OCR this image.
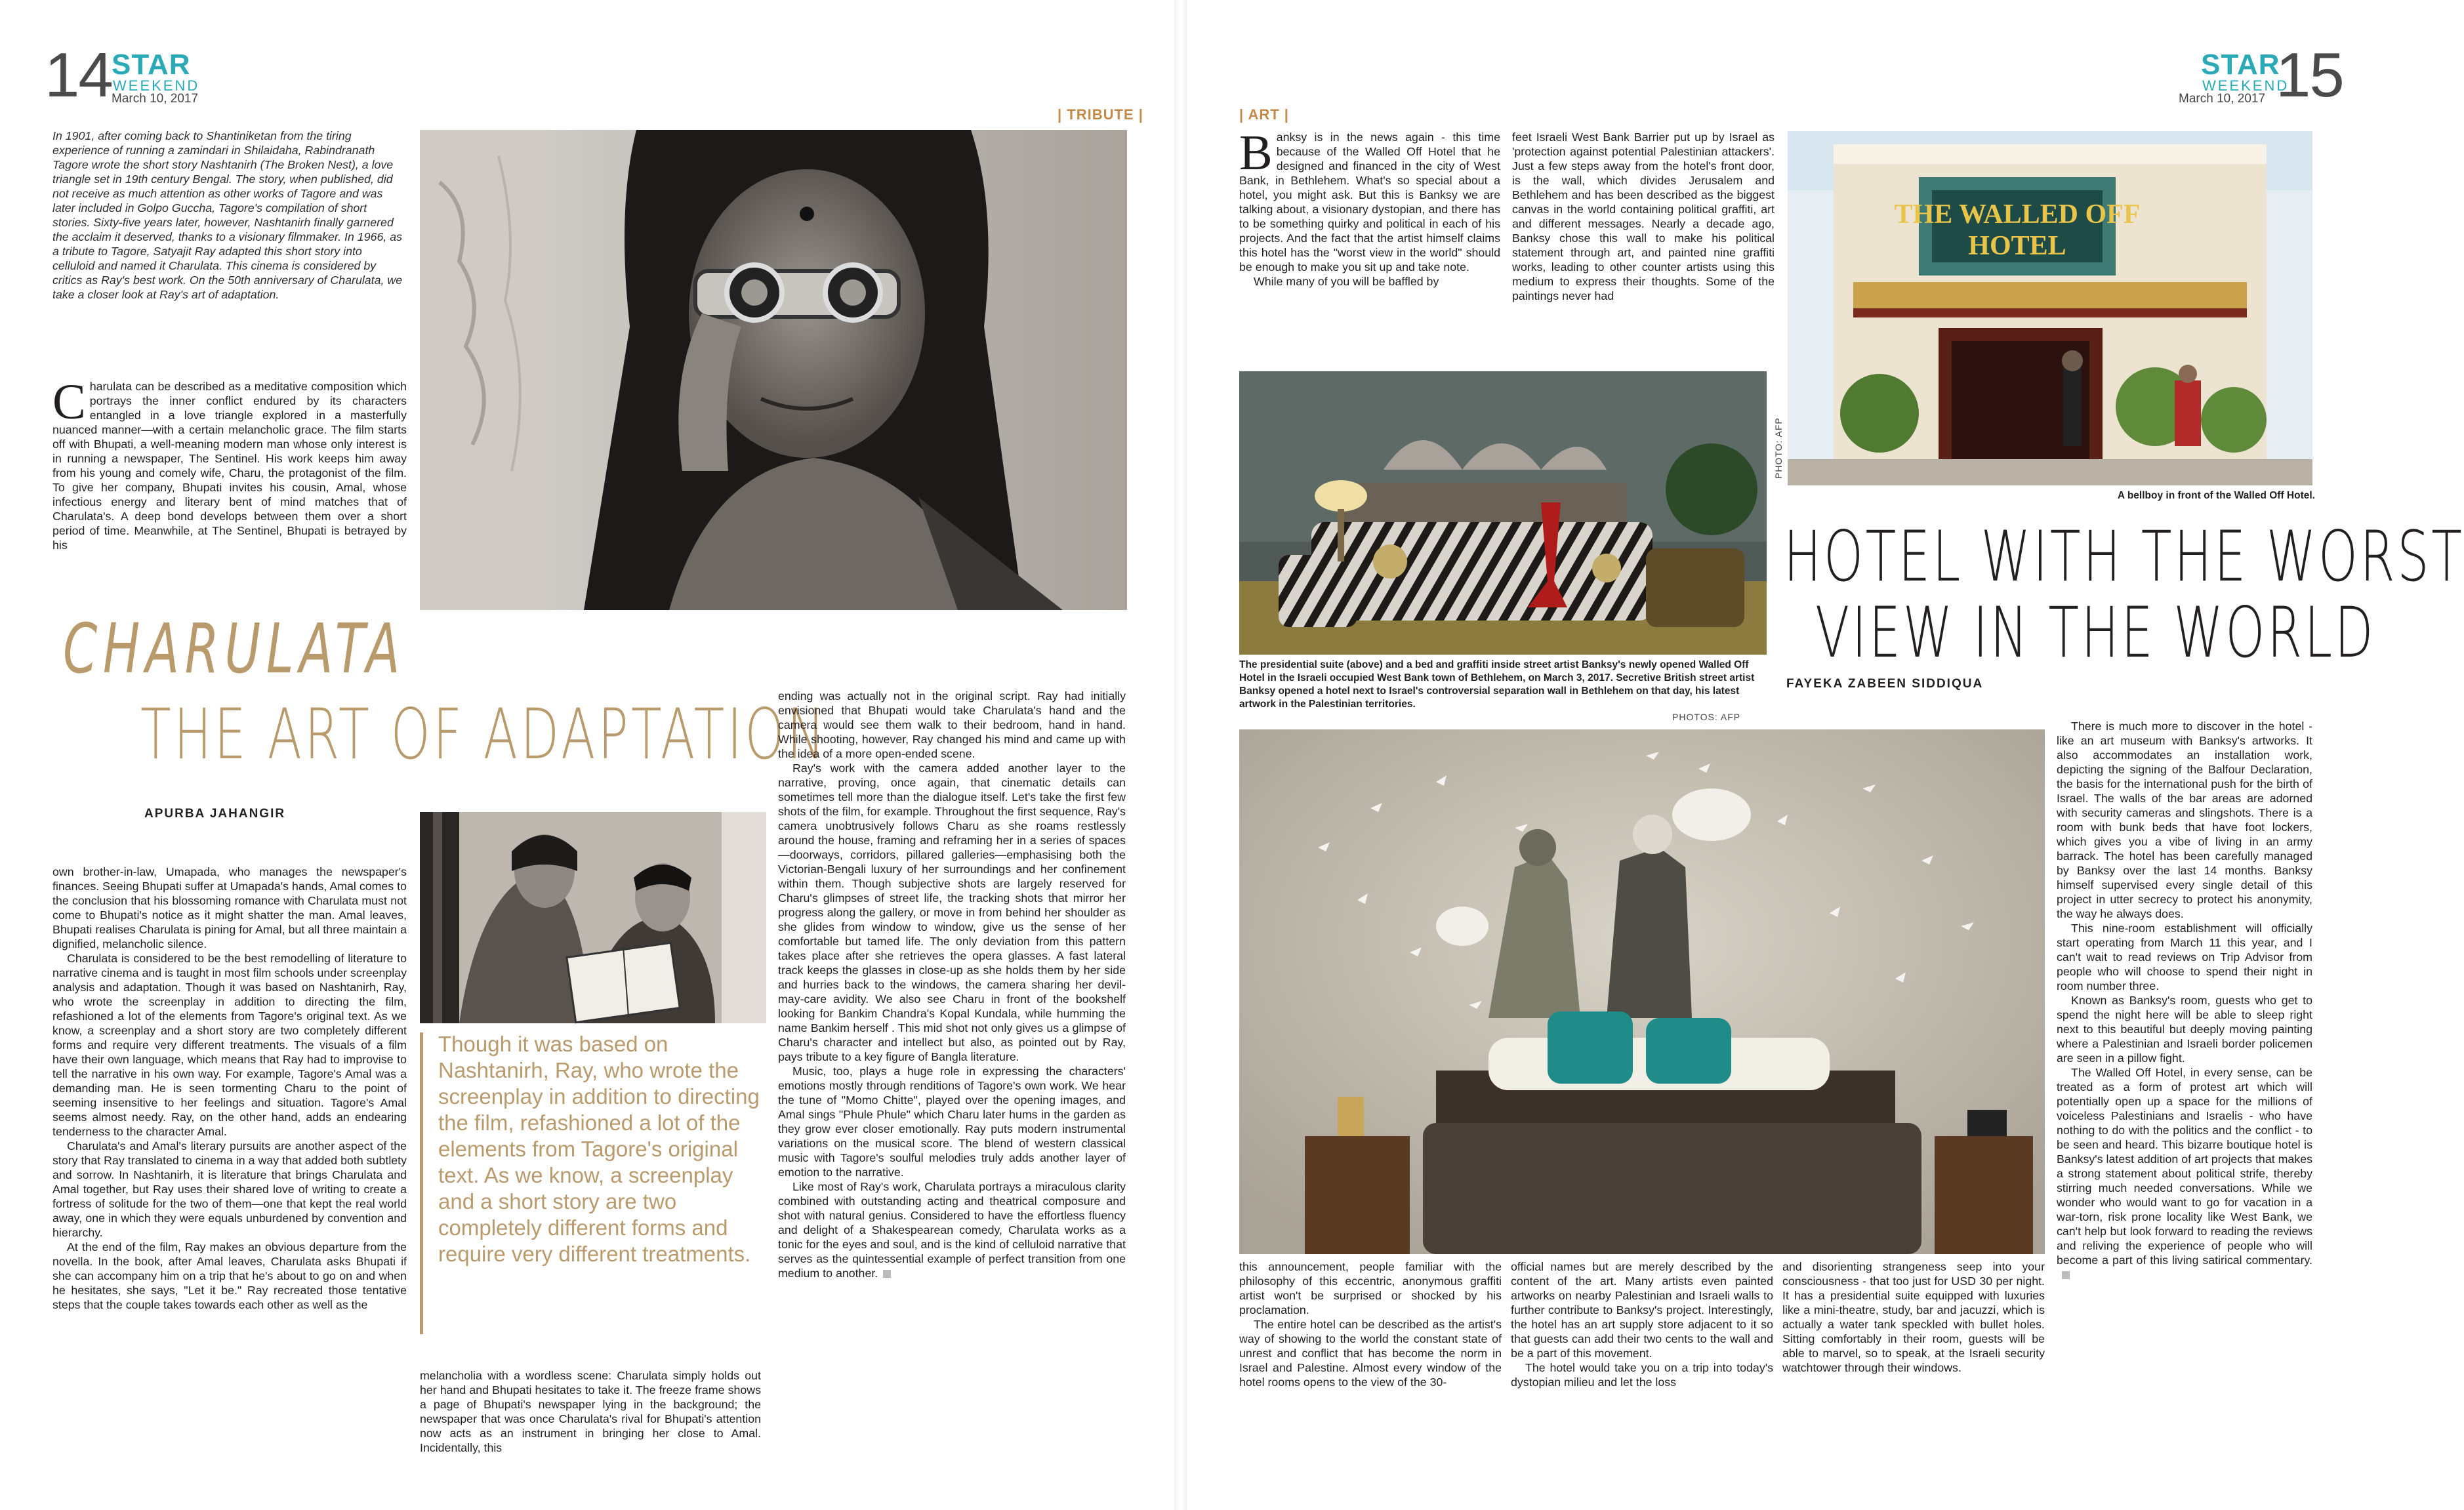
14 STAR
WEEKEND
March 10, 2017
| TRIBUTE |
In 1901, after coming back to Shantiniketan from the tiring experience of running a zamindari in Shilaidaha, Rabindranath Tagore wrote the short story Nashtanirh (The Broken Nest), a love triangle set in 19th century Bengal. The story, when published, did not receive as much attention as other works of Tagore and was later included in Golpo Guccha, Tagore's compilation of short stories. Sixty-five years later, however, Nashtanirh finally garnered the acclaim it deserved, thanks to a visionary filmmaker. In 1966, as a tribute to Tagore, Satyajit Ray adapted this short story into celluloid and named it Charulata. This cinema is considered by critics as Ray's best work. On the 50th anniversary of Charulata, we take a closer look at Ray's art of adaptation.

Charulata can be described as a meditative composition which portrays the inner conflict endured by its characters entangled in a love triangle explored in a masterfully nuanced manner—with a certain melancholic grace. The film starts off with Bhupati, a well-meaning modern man whose only interest is in running a newspaper, The Sentinel. His work keeps him away from his young and comely wife, Charu, the protagonist of the film. To give her company, Bhupati invites his cousin, Amal, whose infectious energy and literary bent of mind matches that of Charulata's. A deep bond develops between them over a short period of time. Meanwhile, at The Sentinel, Bhupati is betrayed by his

CHARULATA
THE ART OF ADAPTATION
APURBA JAHANGIR

own brother-in-law, Umapada, who manages the newspaper's finances. Seeing Bhupati suffer at Umapada's hands, Amal comes to the conclusion that his blossoming romance with Charulata must not come to Bhupati's notice as it might shatter the man. Amal leaves, Bhupati realises Charulata is pining for Amal, but all three maintain a dignified, melancholic silence.

Charulata is considered to be the best remodelling of literature to narrative cinema and is taught in most film schools under screenplay analysis and adaptation. Though it was based on Nashtanirh, Ray, who wrote the screenplay in addition to directing the film, refashioned a lot of the elements from Tagore's original text. As we know, a screenplay and a short story are two completely different forms and require very different treatments. The visuals of a film have their own language, which means that Ray had to improvise to tell the narrative in his own way. For example, Tagore's Amal was a demanding man. He is seen tormenting Charu to the point of seeming insensitive to her feelings and situation. Tagore's Amal seems almost needy. Ray, on the other hand, adds an endearing tenderness to the character Amal.

Charulata's and Amal's literary pursuits are another aspect of the story that Ray translated to cinema in a way that added both subtlety and sorrow. In Nashtanirh, it is literature that brings Charulata and Amal together, but Ray uses their shared love of writing to create a fortress of solitude for the two of them—one that kept the real world away, one in which they were equals unburdened by convention and hierarchy.

At the end of the film, Ray makes an obvious departure from the novella. In the book, after Amal leaves, Charulata asks Bhupati if she can accompany him on a trip that he's about to go on and when he hesitates, she says, "Let it be." Ray recreated those tentative steps that the couple takes towards each other as well as the

Though it was based on Nashtanirh, Ray, who wrote the screenplay in addition to directing the film, refashioned a lot of the elements from Tagore's original text. As we know, a screenplay and a short story are two completely different forms and require very different treatments.

melancholia with a wordless scene: Charulata simply holds out her hand and Bhupati hesitates to take it. The freeze frame shows a page of Bhupati's newspaper lying in the background; the newspaper that was once Charulata's rival for Bhupati's attention now acts as an instrument in bringing her close to Amal. Incidentally, this

ending was actually not in the original script. Ray had initially envisioned that Bhupati would take Charulata's hand and the camera would see them walk to their bedroom, hand in hand. While shooting, however, Ray changed his mind and came up with the idea of a more open-ended scene.

Ray's work with the camera added another layer to the narrative, proving, once again, that cinematic details can sometimes tell more than the dialogue itself. Let's take the first few shots of the film, for example. Throughout the first sequence, Ray's camera unobtrusively follows Charu as she roams restlessly around the house, framing and reframing her in a series of spaces—doorways, corridors, pillared galleries—emphasising both the Victorian-Bengali luxury of her surroundings and her confinement within them. Though subjective shots are largely reserved for Charu's glimpses of street life, the tracking shots that mirror her progress along the gallery, or move in from behind her shoulder as she glides from window to window, give us the sense of her comfortable but tamed life. The only deviation from this pattern takes place after she retrieves the opera glasses. A fast lateral track keeps the glasses in close-up as she holds them by her side and hurries back to the windows, the camera sharing her devil-may-care avidity. We also see Charu in front of the bookshelf looking for Bankim Chandra's Kopal Kundala, while humming the name Bankim herself . This mid shot not only gives us a glimpse of Charu's character and intellect but also, as pointed out by Ray, pays tribute to a key figure of Bangla literature.

Music, too, plays a huge role in expressing the characters' emotions mostly through renditions of Tagore's own work. We hear the tune of "Momo Chitte", played over the opening images, and Amal sings "Phule Phule" which Charu later hums in the garden as they grow ever closer emotionally. Ray puts modern instrumental variations on the musical score. The blend of western classical music with Tagore's soulful melodies truly adds another layer of emotion to the narrative.

Like most of Ray's work, Charulata portrays a miraculous clarity combined with outstanding acting and theatrical composure and shot with natural genius. Considered to have the effortless fluency and delight of a Shakespearean comedy, Charulata works as a tonic for the eyes and soul, and is the kind of celluloid narrative that serves as the quintessential example of perfect transition from one medium to another.

STAR
WEEKEND
March 10, 2017 15
| ART |

Banksy is in the news again - this time because of the Walled Off Hotel that he designed and financed in the city of West Bank, in Bethlehem. What's so special about a hotel, you might ask. But this is Banksy we are talking about, a visionary dystopian, and there has to be something quirky and political in each of his projects. And the fact that the artist himself claims this hotel has the "worst view in the world" should be enough to make you sit up and take note.

While many of you will be baffled by

feet Israeli West Bank Barrier put up by Israel as 'protection against potential Palestinian attackers'. Just a few steps away from the hotel's front door, is the wall, which divides Jerusalem and Bethlehem and has been described as the biggest canvas in the world containing political graffiti, art and different messages. Nearly a decade ago, Banksy chose this wall to make his political statement through art, and painted nine graffiti works, leading to other counter artists using this medium to express their thoughts. Some of the paintings never had

THE WALLED OFF
HOTEL
PHOTO: AFP
A bellboy in front of the Walled Off Hotel.
The presidential suite (above) and a bed and graffiti inside street artist Banksy's newly opened Walled Off Hotel in the Israeli occupied West Bank town of Bethlehem, on March 3, 2017. Secretive British street artist Banksy opened a hotel next to Israel's controversial separation wall in Bethlehem on that day, his latest artwork in the Palestinian territories.
PHOTOS: AFP
HOTEL WITH THE WORST
VIEW IN THE WORLD
FAYEKA ZABEEN SIDDIQUA

this announcement, people familiar with the philosophy of this eccentric, anonymous graffiti artist won't be surprised or shocked by his proclamation.

The entire hotel can be described as the artist's way of showing to the world the constant state of unrest and conflict that has become the norm in Israel and Palestine. Almost every window of the hotel rooms opens to the view of the 30-

official names but are merely described by the content of the art. Many artists even painted artworks on nearby Palestinian and Israeli walls to further contribute to Banksy's project. Interestingly, the hotel has an art supply store adjacent to it so that guests can add their two cents to the wall and be a part of this movement.

The hotel would take you on a trip into today's dystopian milieu and let the loss

and disorienting strangeness seep into your consciousness - that too just for USD 30 per night. It has a presidential suite equipped with luxuries like a mini-theatre, study, bar and jacuzzi, which is actually a water tank speckled with bullet holes. Sitting comfortably in their room, guests will be able to marvel, so to speak, at the Israeli security watchtower through their windows.

There is much more to discover in the hotel - like an art museum with Banksy's artworks. It also accommodates an installation work, depicting the signing of the Balfour Declaration, the basis for the international push for the birth of Israel. The walls of the bar areas are adorned with security cameras and slingshots. There is a room with bunk beds that have foot lockers, which gives you a vibe of living in an army barrack. The hotel has been carefully managed by Banksy over the last 14 months. Banksy himself supervised every single detail of this project in utter secrecy to protect his anonymity, the way he always does.

This nine-room establishment will officially start operating from March 11 this year, and I can't wait to read reviews on Trip Advisor from people who will choose to spend their night in room number three.

Known as Banksy's room, guests who get to spend the night here will be able to sleep right next to this beautiful but deeply moving painting where a Palestinian and Israeli border policemen are seen in a pillow fight.

The Walled Off Hotel, in every sense, can be treated as a form of protest art which will potentially open up a space for the millions of voiceless Palestinians and Israelis - who have nothing to do with the politics and the conflict - to be seen and heard. This bizarre boutique hotel is Banksy's latest addition of art projects that makes a strong statement about political strife, thereby stirring much needed conversations. While we wonder who would want to go for vacation in a war-torn, risk prone locality like West Bank, we can't help but look forward to reading the reviews and reliving the experience of people who will become a part of this living satirical commentary.
